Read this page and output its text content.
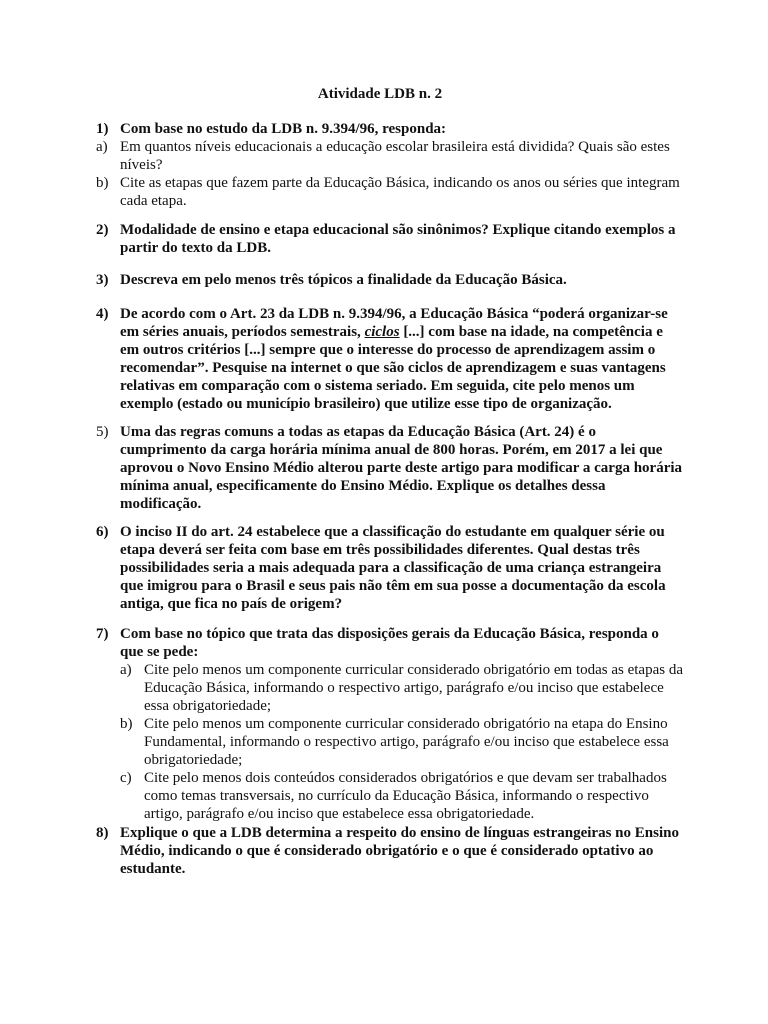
Atividade LDB n. 2
1) Com base no estudo da LDB n. 9.394/96, responda:
a) Em quantos níveis educacionais a educação escolar brasileira está dividida? Quais são estes níveis?
b) Cite as etapas que fazem parte da Educação Básica, indicando os anos ou séries que integram cada etapa.
2) Modalidade de ensino e etapa educacional são sinônimos? Explique citando exemplos a partir do texto da LDB.
3) Descreva em pelo menos três tópicos a finalidade da Educação Básica.
4) De acordo com o Art. 23 da LDB n. 9.394/96, a Educação Básica “poderá organizar-se em séries anuais, períodos semestrais, ciclos [...] com base na idade, na competência e em outros critérios [...] sempre que o interesse do processo de aprendizagem assim o recomendar”. Pesquise na internet o que são ciclos de aprendizagem e suas vantagens relativas em comparação com o sistema seriado. Em seguida, cite pelo menos um exemplo (estado ou município brasileiro) que utilize esse tipo de organização.
5) Uma das regras comuns a todas as etapas da Educação Básica (Art. 24) é o cumprimento da carga horária mínima anual de 800 horas. Porém, em 2017 a lei que aprovou o Novo Ensino Médio alterou parte deste artigo para modificar a carga horária mínima anual, especificamente do Ensino Médio. Explique os detalhes dessa modificação.
6) O inciso II do art. 24 estabelece que a classificação do estudante em qualquer série ou etapa deverá ser feita com base em três possibilidades diferentes. Qual destas três possibilidades seria a mais adequada para a classificação de uma criança estrangeira que imigrou para o Brasil e seus pais não têm em sua posse a documentação da escola antiga, que fica no país de origem?
7) Com base no tópico que trata das disposições gerais da Educação Básica, responda o que se pede:
a) Cite pelo menos um componente curricular considerado obrigatório em todas as etapas da Educação Básica, informando o respectivo artigo, parágrafo e/ou inciso que estabelece essa obrigatoriedade;
b) Cite pelo menos um componente curricular considerado obrigatório na etapa do Ensino Fundamental, informando o respectivo artigo, parágrafo e/ou inciso que estabelece essa obrigatoriedade;
c) Cite pelo menos dois conteúdos considerados obrigatórios e que devam ser trabalhados como temas transversais, no currículo da Educação Básica, informando o respectivo artigo, parágrafo e/ou inciso que estabelece essa obrigatoriedade.
8) Explique o que a LDB determina a respeito do ensino de línguas estrangeiras no Ensino Médio, indicando o que é considerado obrigatório e o que é considerado optativo ao estudante.
